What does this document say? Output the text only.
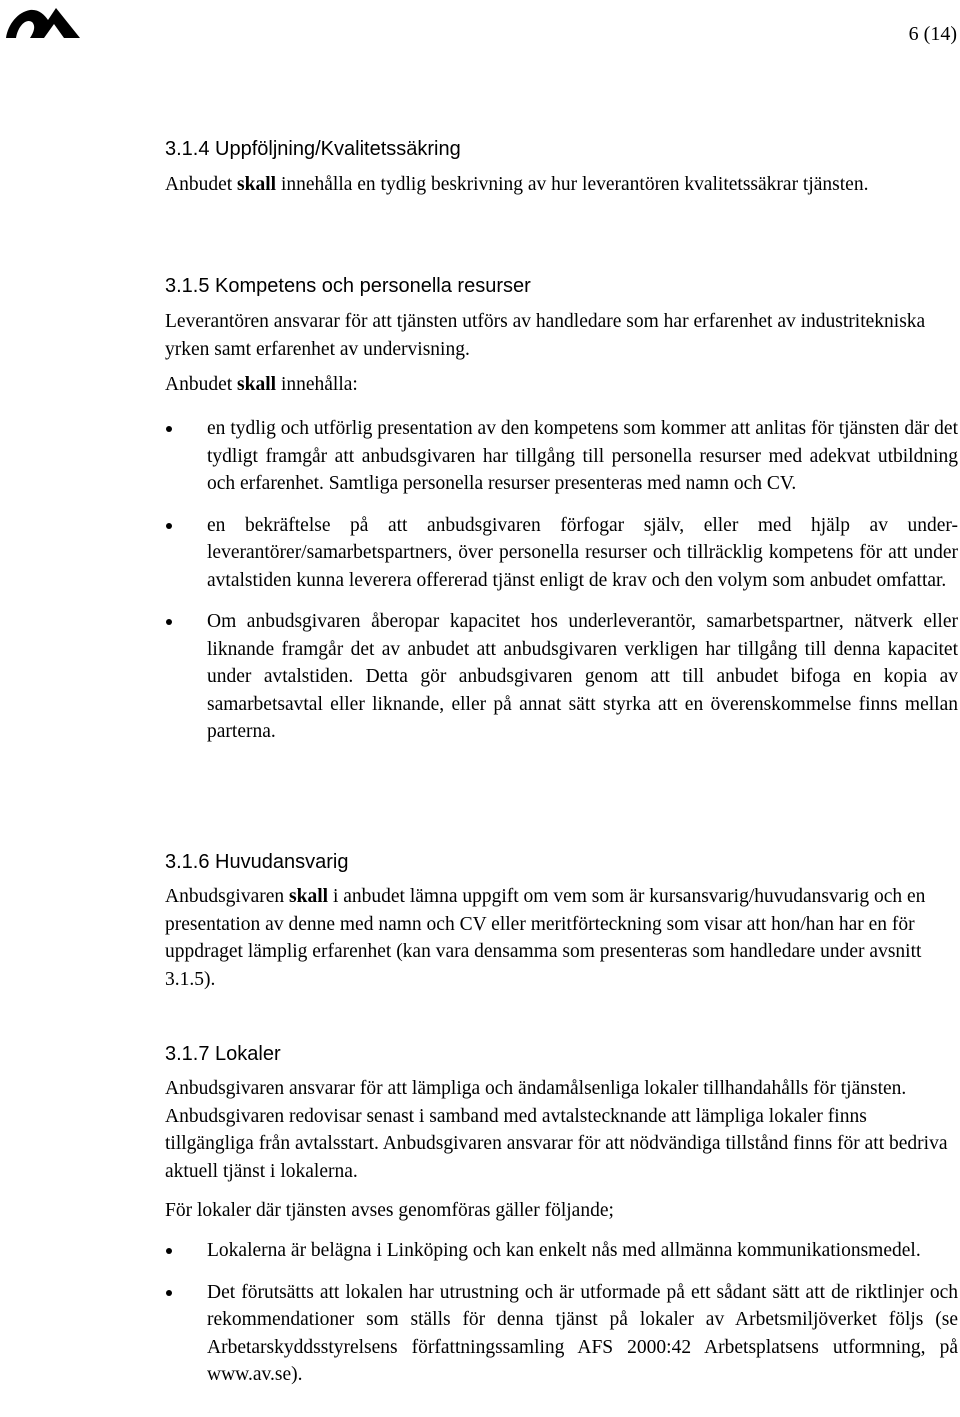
6 (14)
3.1.4 Uppföljning/Kvalitetssäkring

Anbudet skall innehålla en tydlig beskrivning av hur leverantören kvalitetssäkrar tjänsten.

3.1.5 Kompetens och personella resurser

Leverantören ansvarar för att tjänsten utförs av handledare som har erfarenhet av industritekniska yrken samt erfarenhet av undervisning.

Anbudet skall innehålla:

en tydlig och utförlig presentation av den kompetens som kommer att anlitas för tjänsten där det tydligt framgår att anbudsgivaren har tillgång till personella resurser med adekvat utbildning och erfarenhet. Samtliga personella resurser presenteras med namn och CV.
en bekräftelse på att anbudsgivaren förfogar själv, eller med hjälp av under-leverantörer/samarbetspartners, över personella resurser och tillräcklig kompetens för att under avtalstiden kunna leverera offererad tjänst enligt de krav och den volym som anbudet omfattar.
Om anbudsgivaren åberopar kapacitet hos underleverantör, samarbetspartner, nätverk eller liknande framgår det av anbudet att anbudsgivaren verkligen har tillgång till denna kapacitet under avtalstiden. Detta gör anbudsgivaren genom att till anbudet bifoga en kopia av samarbetsavtal eller liknande, eller på annat sätt styrka att en överenskommelse finns mellan parterna.
3.1.6 Huvudansvarig

Anbudsgivaren skall i anbudet lämna uppgift om vem som är kursansvarig/huvudansvarig och en presentation av denne med namn och CV eller meritförteckning som visar att hon/han har en för uppdraget lämplig erfarenhet (kan vara densamma som presenteras som handledare under avsnitt 3.1.5).

3.1.7 Lokaler

Anbudsgivaren ansvarar för att lämpliga och ändamålsenliga lokaler tillhandahålls för tjänsten. Anbudsgivaren redovisar senast i samband med avtalstecknande att lämpliga lokaler finns tillgängliga från avtalsstart. Anbudsgivaren ansvarar för att nödvändiga tillstånd finns för att bedriva aktuell tjänst i lokalerna.

För lokaler där tjänsten avses genomföras gäller följande;

Lokalerna är belägna i Linköping och kan enkelt nås med allmänna kommunikationsmedel.
Det förutsätts att lokalen har utrustning och är utformade på ett sådant sätt att de riktlinjer och rekommendationer som ställs för denna tjänst på lokaler av Arbetsmiljöverket följs (se Arbetarskyddsstyrelsens författningssamling AFS 2000:42 Arbetsplatsens utformning, på www.av.se).
